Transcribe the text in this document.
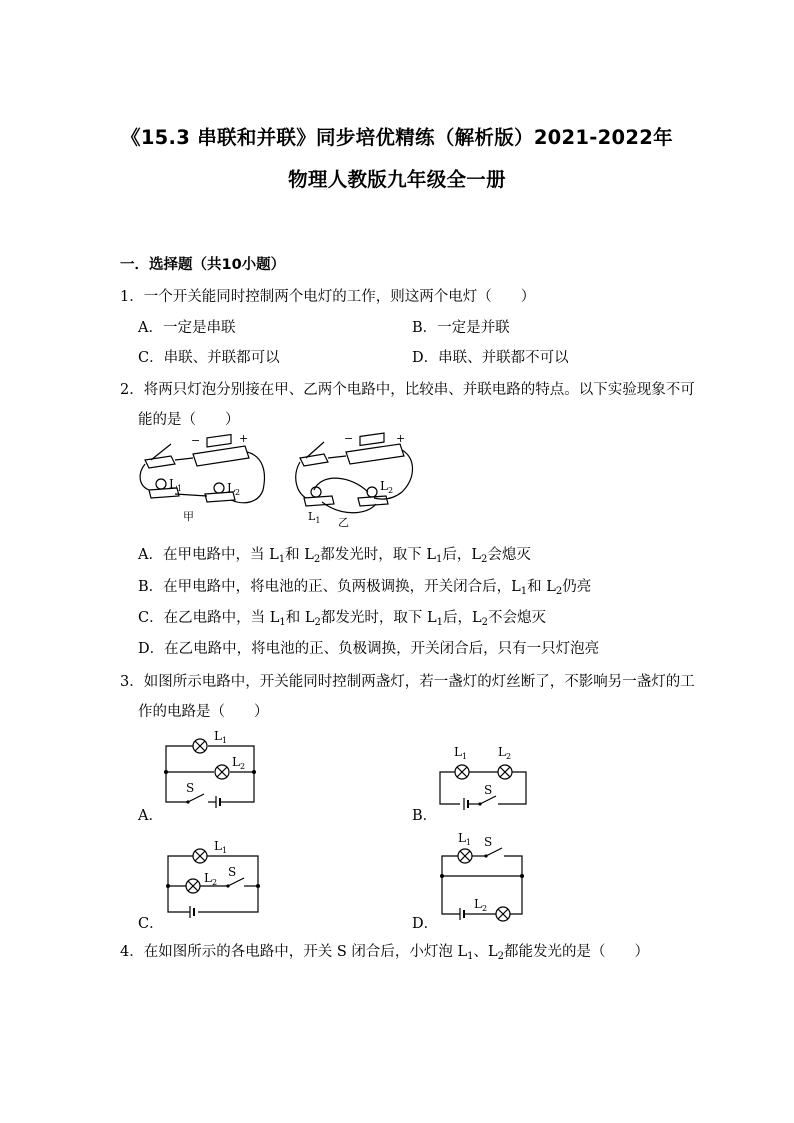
《15.3 串联和并联》同步培优精练（解析版）2021-2022年
物理人教版九年级全一册
一．选择题（共10小题）
1．一个开关能同时控制两个电灯的工作，则这两个电灯（　　）
A．一定是串联	B．一定是并联
C．串联、并联都可以	D．串联、并联都不可以
2．将两只灯泡分别接在甲、乙两个电路中，比较串、并联电路的特点。以下实验现象不可
能的是（　　）
−	+
$L_1$	$L_2$
甲
−	+
$L_2$
$L_1$ 乙
A．在甲电路中，当 $L_1$和 $L_2$都发光时，取下 $L_1$后，$L_2$会熄灭
B．在甲电路中，将电池的正、负两极调换，开关闭合后，$L_1$和 $L_2$仍亮
C．在乙电路中，当 $L_1$和 $L_2$都发光时，取下 $L_1$后，$L_2$不会熄灭
D．在乙电路中，将电池的正、负极调换，开关闭合后，只有一只灯泡亮
3．如图所示电路中，开关能同时控制两盏灯，若一盏灯的灯丝断了，不影响另一盏灯的工
作的电路是（　　）
A．
$L_1$
$L_2$
S
B．
$L_1$	$L_2$
S
C．
$L_1$
$L_2$
S
D．
$L_1$ S
$L_2$
4．在如图所示的各电路中，开关 S 闭合后，小灯泡 $L_1$、$L_2$都能发光的是（　　）
